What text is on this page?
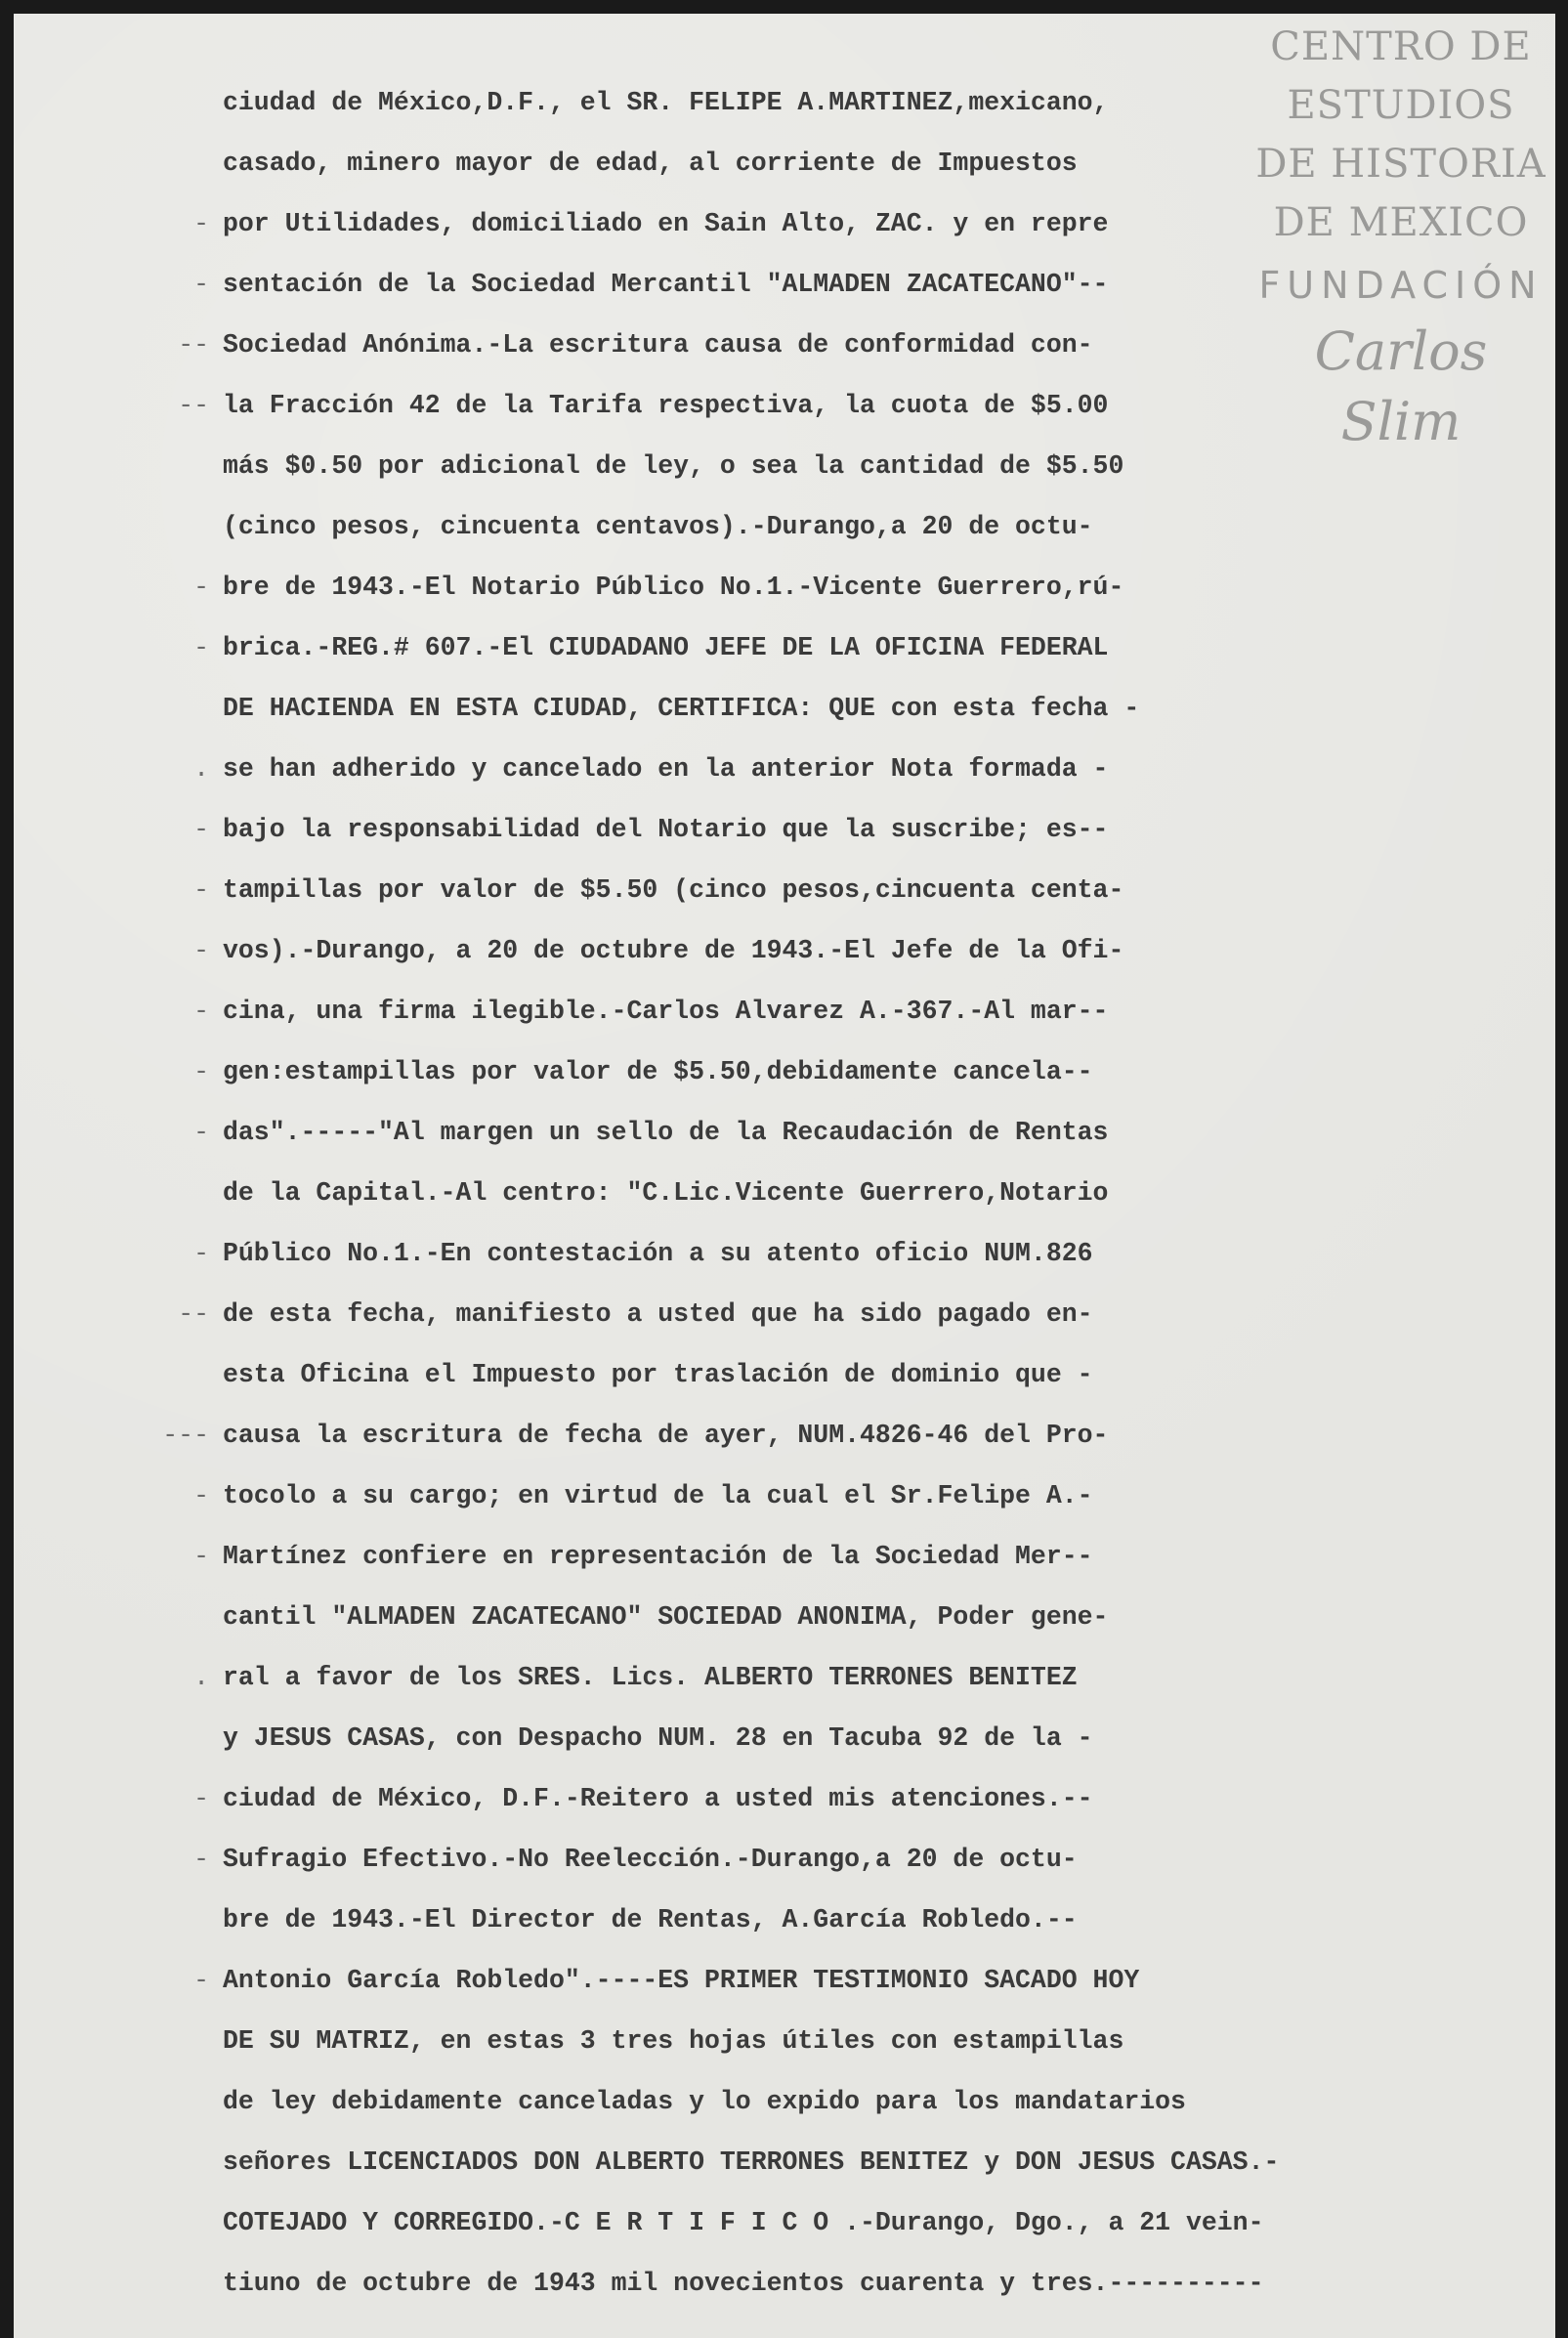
CENTRO DE
ESTUDIOS
DE HISTORIA
DE MEXICO
FUNDACIÓN
Carlos Slim
ciudad de México,D.F., el SR. FELIPE A.MARTINEZ,mexicano,
casado, minero mayor de edad, al corriente de Impuestos
- por Utilidades, domiciliado en Sain Alto, ZAC. y en repre
- sentación de la Sociedad Mercantil "ALMADEN ZACATECANO"--
-- Sociedad Anónima.-La escritura causa de conformidad con-
-- la Fracción 42 de la Tarifa respectiva, la cuota de $5.00
más $0.50 por adicional de ley, o sea la cantidad de $5.50
(cinco pesos, cincuenta centavos).-Durango,a 20 de octu-
- bre de 1943.-El Notario Público No.1.-Vicente Guerrero,rú-
- brica.-REG.# 607.-El CIUDADANO JEFE DE LA OFICINA FEDERAL
DE HACIENDA EN ESTA CIUDAD, CERTIFICA: QUE con esta fecha -
. se han adherido y cancelado en la anterior Nota formada -
- bajo la responsabilidad del Notario que la suscribe; es--
- tampillas por valor de $5.50 (cinco pesos,cincuenta centa-
- vos).-Durango, a 20 de octubre de 1943.-El Jefe de la Ofi-
- cina, una firma ilegible.-Carlos Alvarez A.-367.-Al mar--
- gen:estampillas por valor de $5.50,debidamente cancela--
- das".-----"Al margen un sello de la Recaudación de Rentas
de la Capital.-Al centro: "C.Lic.Vicente Guerrero,Notario
- Público No.1.-En contestación a su atento oficio NUM.826
-- de esta fecha, manifiesto a usted que ha sido pagado en-
esta Oficina el Impuesto por traslación de dominio que -
--- causa la escritura de fecha de ayer, NUM.4826-46 del Pro-
- tocolo a su cargo; en virtud de la cual el Sr.Felipe A.-
- Martínez confiere en representación de la Sociedad Mer--
cantil "ALMADEN ZACATECANO" SOCIEDAD ANONIMA, Poder gene-
. ral a favor de los SRES. Lics. ALBERTO TERRONES BENITEZ
y JESUS CASAS, con Despacho NUM. 28 en Tacuba 92 de la -
- ciudad de México, D.F.-Reitero a usted mis atenciones.--
- Sufragio Efectivo.-No Reelección.-Durango,a 20 de octu-
bre de 1943.-El Director de Rentas, A.García Robledo.--
- Antonio García Robledo".----ES PRIMER TESTIMONIO SACADO HOY
DE SU MATRIZ, en estas 3 tres hojas útiles con estampillas
de ley debidamente canceladas y lo expido para los mandatarios
señores LICENCIADOS DON ALBERTO TERRONES BENITEZ y DON JESUS CASAS.-
COTEJADO Y CORREGIDO.-C E R T I F I C O .-Durango, Dgo., a 21 vein-
tiuno de octubre de 1943 mil novecientos cuarenta y tres.----------
